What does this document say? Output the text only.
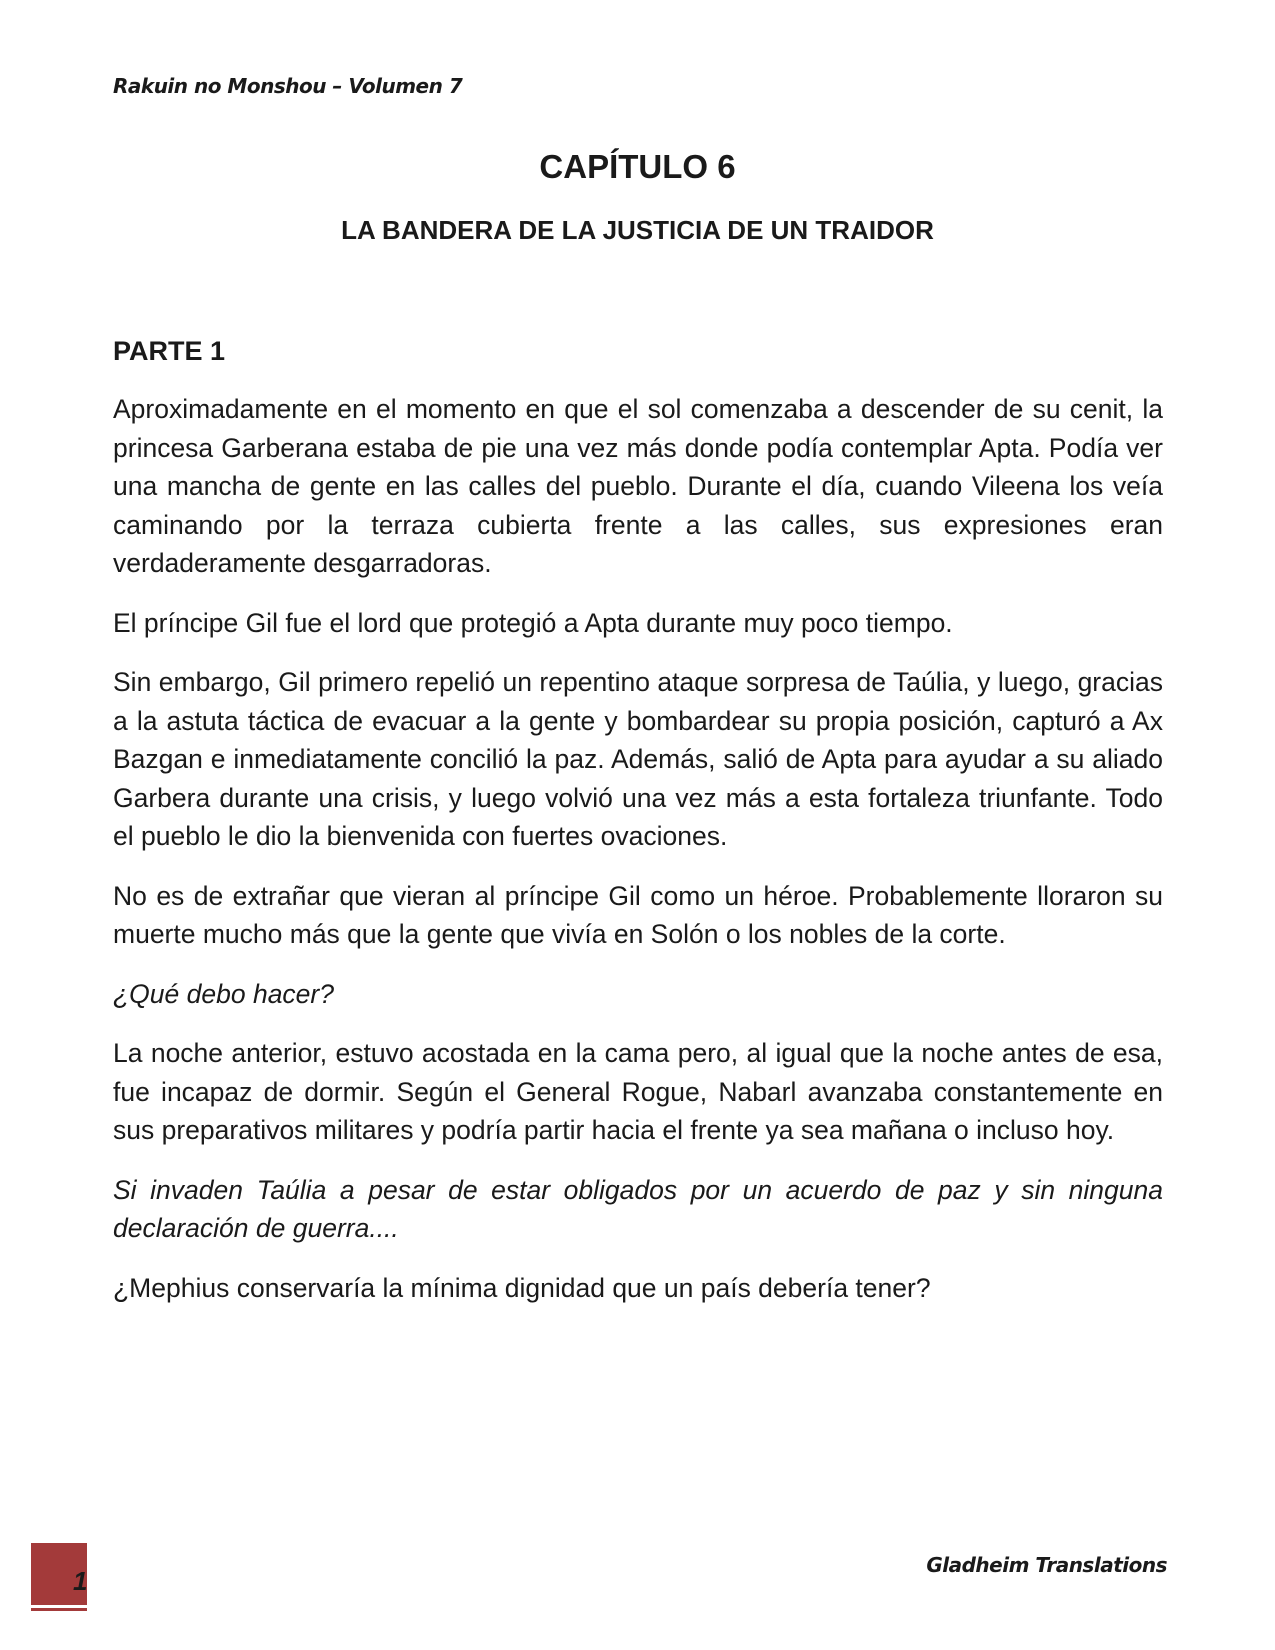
Rakuin no Monshou – Volumen 7
CAPÍTULO 6
LA BANDERA DE LA JUSTICIA DE UN TRAIDOR
PARTE 1

Aproximadamente en el momento en que el sol comenzaba a descender de su cenit, la princesa Garberana estaba de pie una vez más donde podía contemplar Apta. Podía ver una mancha de gente en las calles del pueblo. Durante el día, cuando Vileena los veía caminando por la terraza cubierta frente a las calles, sus expresiones eran verdaderamente desgarradoras.

El príncipe Gil fue el lord que protegió a Apta durante muy poco tiempo.

Sin embargo, Gil primero repelió un repentino ataque sorpresa de Taúlia, y luego, gracias a la astuta táctica de evacuar a la gente y bombardear su propia posición, capturó a Ax Bazgan e inmediatamente concilió la paz. Además, salió de Apta para ayudar a su aliado Garbera durante una crisis, y luego volvió una vez más a esta fortaleza triunfante. Todo el pueblo le dio la bienvenida con fuertes ovaciones.

No es de extrañar que vieran al príncipe Gil como un héroe. Probablemente lloraron su muerte mucho más que la gente que vivía en Solón o los nobles de la corte.

¿Qué debo hacer?

La noche anterior, estuvo acostada en la cama pero, al igual que la noche antes de esa, fue incapaz de dormir. Según el General Rogue, Nabarl avanzaba constantemente en sus preparativos militares y podría partir hacia el frente ya sea mañana o incluso hoy.

Si invaden Taúlia a pesar de estar obligados por un acuerdo de paz y sin ninguna declaración de guerra....

¿Mephius conservaría la mínima dignidad que un país debería tener?

1
Gladheim Translations
